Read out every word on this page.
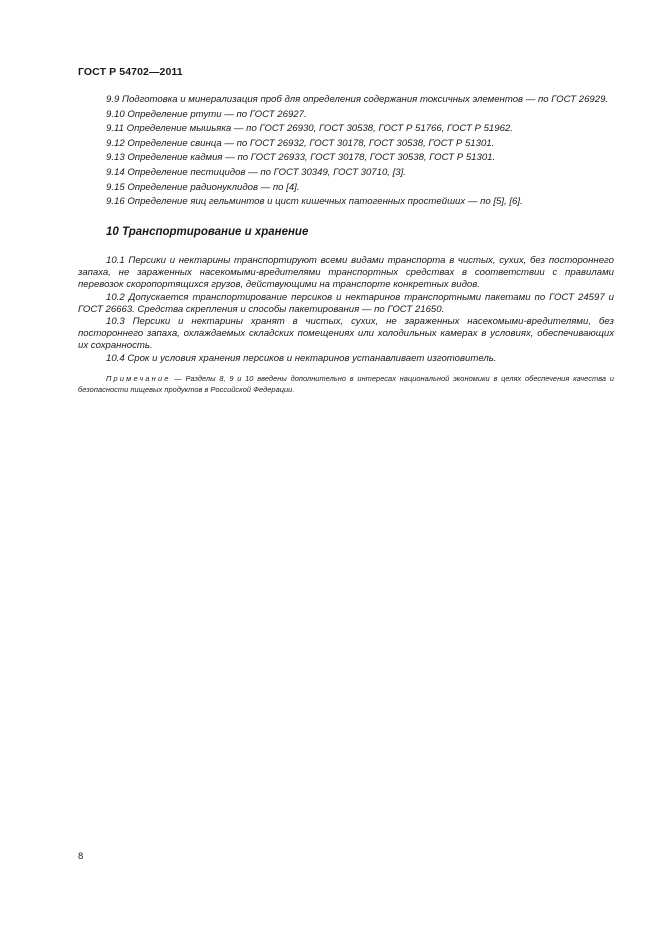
ГОСТ Р 54702—2011

9.9 Подготовка и минерализация проб для определения содержания токсичных элементов — по ГОСТ 26929.

9.10 Определение ртути — по ГОСТ 26927.

9.11 Определение мышьяка — по ГОСТ 26930, ГОСТ 30538, ГОСТ Р 51766, ГОСТ Р 51962.

9.12 Определение свинца — по ГОСТ 26932, ГОСТ 30178, ГОСТ 30538, ГОСТ Р 51301.

9.13 Определение кадмия — по ГОСТ 26933, ГОСТ 30178, ГОСТ 30538, ГОСТ Р 51301.

9.14 Определение пестицидов — по ГОСТ 30349, ГОСТ 30710, [3].

9.15 Определение радионуклидов — по [4].

9.16 Определение яиц гельминтов и цист кишечных патогенных простейших — по [5], [6].

10 Транспортирование и хранение

10.1 Персики и нектарины транспортируют всеми видами транспорта в чистых, сухих, без постороннего запаха, не зараженных насекомыми-вредителями транспортных средствах в соответствии с правилами перевозок скоропортящихся грузов, действующими на транспорте конкретных видов.

10.2 Допускается транспортирование персиков и нектаринов транспортными пакетами по ГОСТ 24597 и ГОСТ 26663. Средства скрепления и способы пакетирования — по ГОСТ 21650.

10.3 Персики и нектарины хранят в чистых, сухих, не зараженных насекомыми-вредителями, без постороннего запаха, охлаждаемых складских помещениях или холодильных камерах в условиях, обеспечивающих их сохранность.

10.4 Срок и условия хранения персиков и нектаринов устанавливает изготовитель.

Примечание — Разделы 8, 9 и 10 введены дополнительно в интересах национальной экономики в целях обеспечения качества и безопасности пищевых продуктов в Российской Федерации.

8
